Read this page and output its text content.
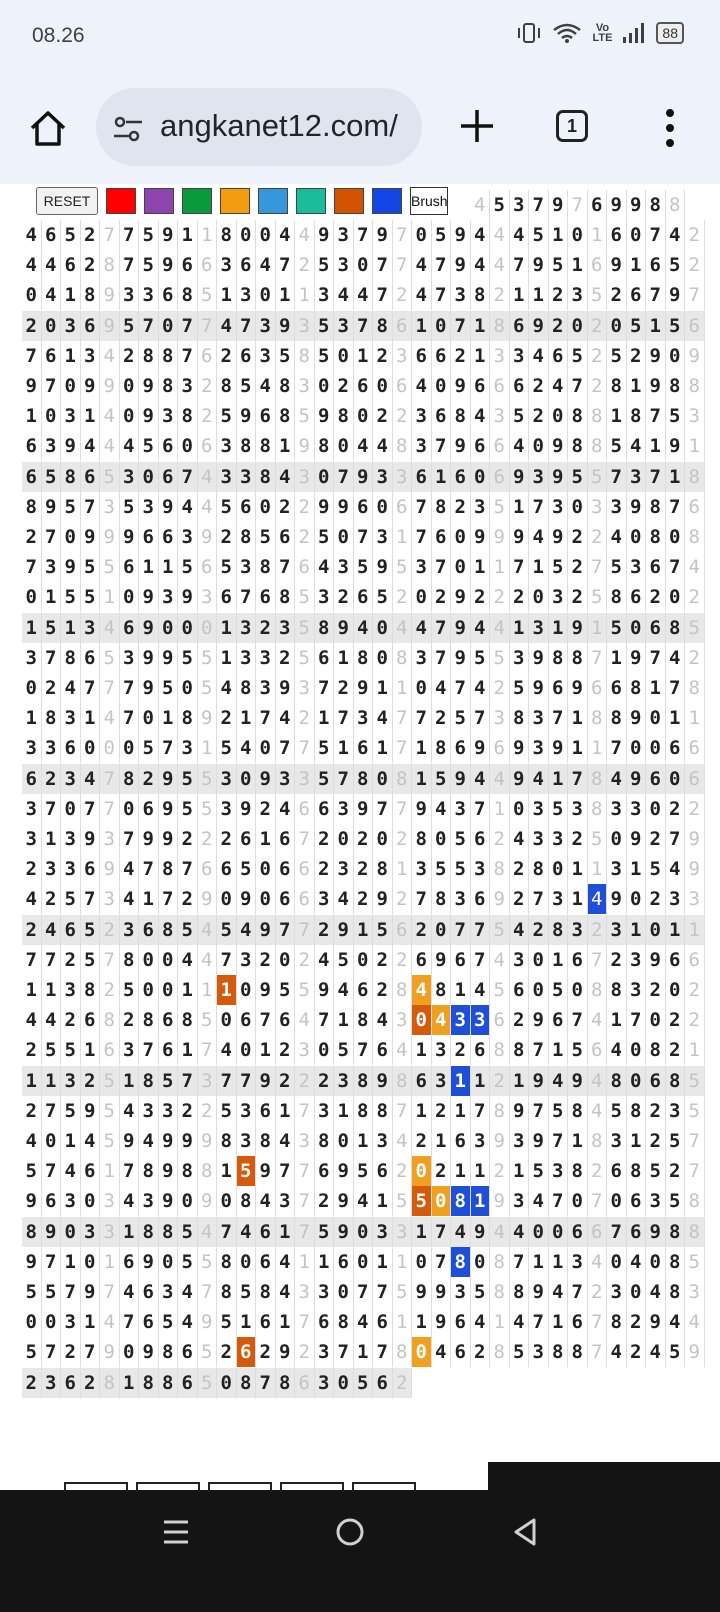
08.26	Vo
LTE	88
angkanet12.com/	1
4 5 3 7 9 7 6 9 9 8 8
4 6 5 2 7 7 5 9 1 1 8 0 0 4 4 9 3 7 9 7 0 5 9 4 4 4 5 1 0 1 6 0 7 4 2
4 4 6 2 8 7 5 9 6 6 3 6 4 7 2 5 3 0 7 7 4 7 9 4 4 7 9 5 1 6 9 1 6 5 2
0 4 1 8 9 3 3 6 8 5 1 3 0 1 1 3 4 4 7 2 4 7 3 8 2 1 1 2 3 5 2 6 7 9 7
2 0 3 6 9 5 7 0 7 7 4 7 3 9 3 5 3 7 8 6 1 0 7 1 8 6 9 2 0 2 0 5 1 5 6
7 6 1 3 4 2 8 8 7 6 2 6 3 5 8 5 0 1 2 3 6 6 2 1 3 3 4 6 5 2 5 2 9 0 9
9 7 0 9 9 0 9 8 3 2 8 5 4 8 3 0 2 6 0 6 4 0 9 6 6 6 2 4 7 2 8 1 9 8 8
1 0 3 1 4 0 9 3 8 2 5 9 6 8 5 9 8 0 2 2 3 6 8 4 3 5 2 0 8 8 1 8 7 5 3
6 3 9 4 4 4 5 6 0 6 3 8 8 1 9 8 0 4 4 8 3 7 9 6 6 4 0 9 8 8 5 4 1 9 1
6 5 8 6 5 3 0 6 7 4 3 3 8 4 3 0 7 9 3 3 6 1 6 0 6 9 3 9 5 5 7 3 7 1 8
8 9 5 7 3 5 3 9 4 4 5 6 0 2 2 9 9 6 0 6 7 8 2 3 5 1 7 3 0 3 3 9 8 7 6
2 7 0 9 9 9 6 6 3 9 2 8 5 6 2 5 0 7 3 1 7 6 0 9 9 9 4 9 2 2 4 0 8 0 8
7 3 9 5 5 6 1 1 5 6 5 3 8 7 6 4 3 5 9 5 3 7 0 1 1 7 1 5 2 7 5 3 6 7 4
0 1 5 5 1 0 9 3 9 3 6 7 6 8 5 3 2 6 5 2 0 2 9 2 2 2 0 3 2 5 8 6 2 0 2
1 5 1 3 4 6 9 0 0 0 1 3 2 3 5 8 9 4 0 4 4 7 9 4 4 1 3 1 9 1 5 0 6 8 5
3 7 8 6 5 3 9 9 5 5 1 3 3 2 5 6 1 8 0 8 3 7 9 5 5 3 9 8 8 7 1 9 7 4 2
0 2 4 7 7 7 9 5 0 5 4 8 3 9 3 7 2 9 1 1 0 4 7 4 2 5 9 6 9 6 6 8 1 7 8
1 8 3 1 4 7 0 1 8 9 2 1 7 4 2 1 7 3 4 7 7 2 5 7 3 8 3 7 1 8 8 9 0 1 1
3 3 6 0 0 0 5 7 3 1 5 4 0 7 7 5 1 6 1 7 1 8 6 9 6 9 3 9 1 1 7 0 0 6 6
6 2 3 4 7 8 2 9 5 5 3 0 9 3 3 5 7 8 0 8 1 5 9 4 4 9 4 1 7 8 4 9 6 0 6
3 7 0 7 7 0 6 9 5 5 3 9 2 4 6 6 3 9 7 7 9 4 3 7 1 0 3 5 3 8 3 3 0 2 2
3 1 3 9 3 7 9 9 2 2 2 6 1 6 7 2 0 2 0 2 8 0 5 6 2 4 3 3 2 5 0 9 2 7 9
2 3 3 6 9 4 7 8 7 6 6 5 0 6 6 2 3 2 8 1 3 5 5 3 8 2 8 0 1 1 3 1 5 4 9
4 2 5 7 3 4 1 7 2 9 0 9 0 6 6 3 4 2 9 2 7 8 3 6 9 2 7 3 1 4 9 0 2 3 3
2 4 6 5 2 3 6 8 5 4 5 4 9 7 7 2 9 1 5 6 2 0 7 7 5 4 2 8 3 2 3 1 0 1 1
7 7 2 5 7 8 0 0 4 4 7 3 2 0 2 4 5 0 2 2 6 9 6 7 4 3 0 1 6 7 2 3 9 6 6
1 1 3 8 2 5 0 0 1 1 1 0 9 5 5 9 4 6 2 8 4 8 1 4 5 6 0 5 0 8 8 3 2 0 2
4 4 2 6 8 2 8 6 8 5 0 6 7 6 4 7 1 8 4 3 0 4 3 3 6 2 9 6 7 4 1 7 0 2 2
2 5 5 1 6 3 7 6 1 7 4 0 1 2 3 0 5 7 6 4 1 3 2 6 8 8 7 1 5 6 4 0 8 2 1
1 1 3 2 5 1 8 5 7 3 7 7 9 2 2 2 3 8 9 8 6 3 1 1 2 1 9 4 9 4 8 0 6 8 5
2 7 5 9 5 4 3 3 2 2 5 3 6 1 7 3 1 8 8 7 1 2 1 7 8 9 7 5 8 4 5 8 2 3 5
4 0 1 4 5 9 4 9 9 9 8 3 8 4 3 8 0 1 3 4 2 1 6 3 9 3 9 7 1 8 3 1 2 5 7
5 7 4 6 1 7 8 9 8 8 1 5 9 7 7 6 9 5 6 2 0 2 1 1 2 1 5 3 8 2 6 8 5 2 7
9 6 3 0 3 4 3 9 0 9 0 8 4 3 7 2 9 4 1 5 5 0 8 1 9 3 4 7 0 7 0 6 3 5 8
8 9 0 3 3 1 8 8 5 4 7 4 6 1 7 5 9 0 3 3 1 7 4 9 4 4 0 0 6 6 7 6 9 8 8
9 7 1 0 1 6 9 0 5 5 8 0 6 4 1 1 6 0 1 1 0 7 8 0 8 7 1 1 3 4 0 4 0 8 5
5 5 7 9 7 4 6 3 4 7 8 5 8 4 3 3 0 7 7 5 9 9 3 5 8 8 9 4 7 2 3 0 4 8 3
0 0 3 1 4 7 6 5 4 9 5 1 6 1 7 6 8 4 6 1 1 9 6 4 1 4 7 1 6 7 8 2 9 4 4
5 7 2 7 9 0 9 8 6 5 2 6 2 9 2 3 7 1 7 8 0 4 6 2 8 5 3 8 8 7 4 2 4 5 9
2 3 6 2 8 1 8 8 6 5 0 8 7 8 6 3 0 5 6 2
RESET	Brush
